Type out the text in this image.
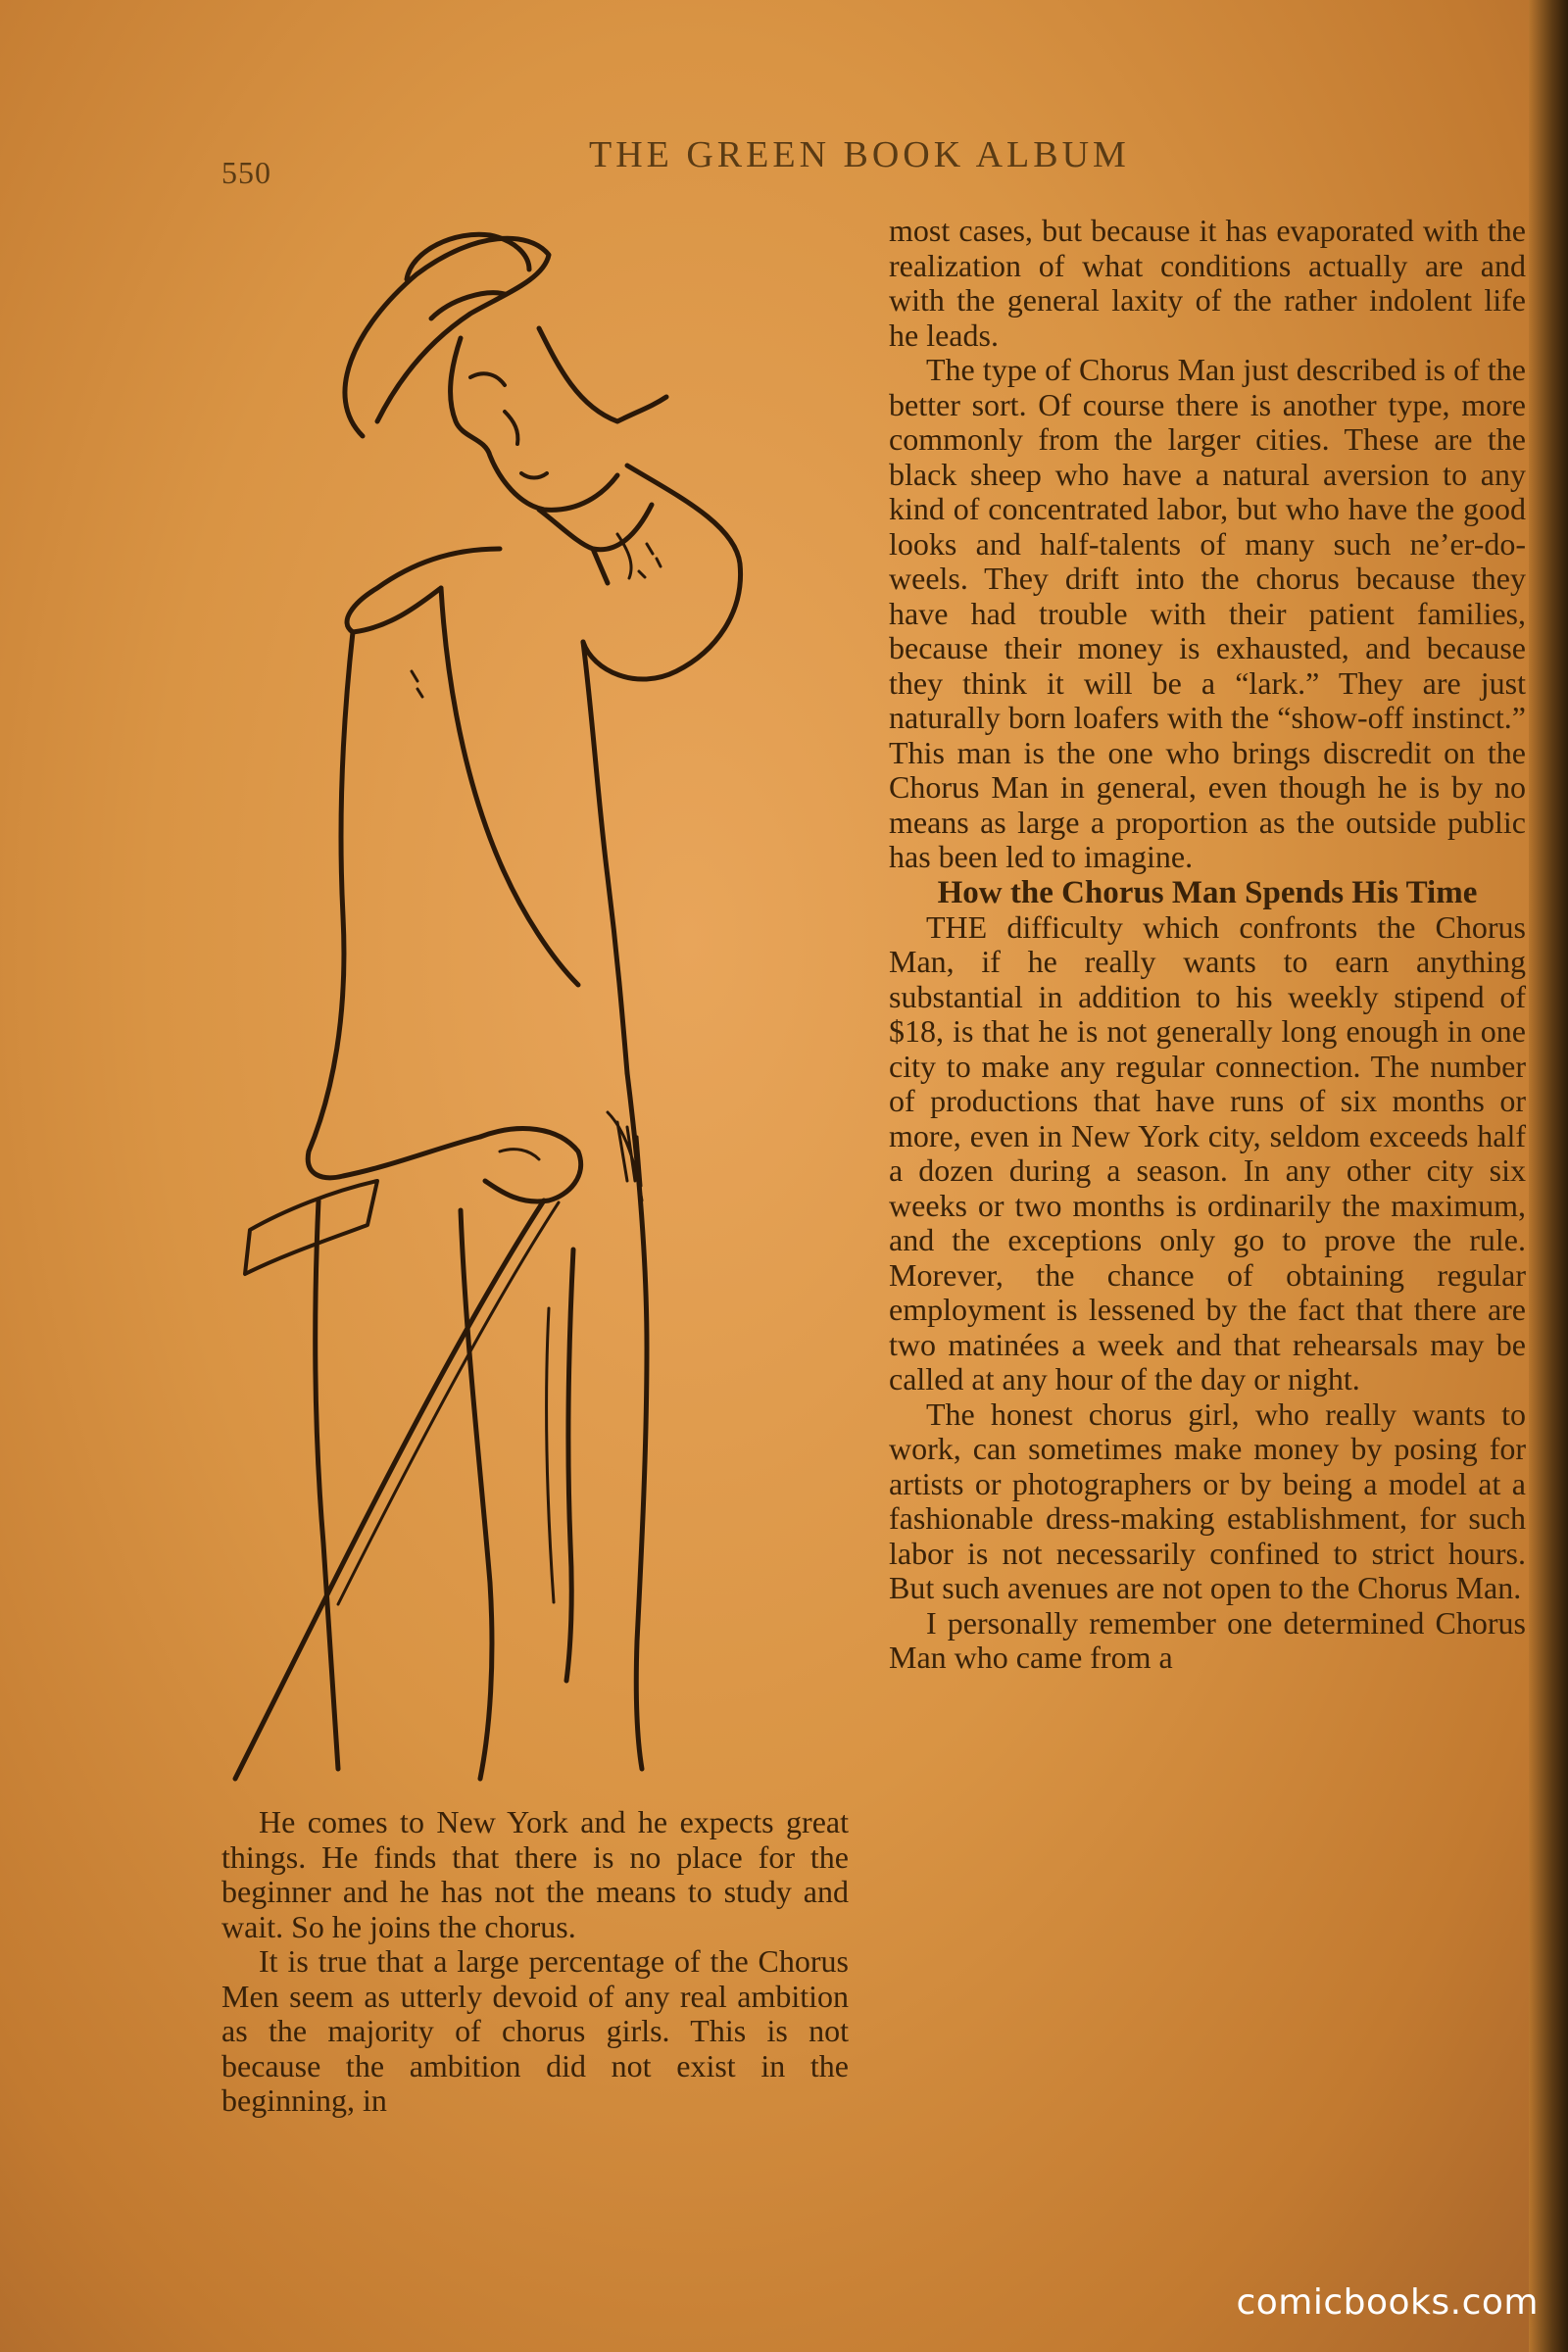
550	THE GREEN BOOK ALBUM

He comes to New York and he expects great things. He finds that there is no place for the beginner and he has not the means to study and wait. So he joins the chorus.

It is true that a large percentage of the Chorus Men seem as utterly devoid of any real ambition as the majority of chorus girls. This is not because the ambition did not exist in the beginning, in

most cases, but because it has evaporated with the realization of what conditions actually are and with the general laxity of the rather indolent life he leads.

The type of Chorus Man just described is of the better sort. Of course there is another type, more commonly from the larger cities. These are the black sheep who have a natural aversion to any kind of concentrated labor, but who have the good looks and half-talents of many such ne’er-do-weels. They drift into the chorus because they have had trouble with their patient families, because their money is exhausted, and because they think it will be a “lark.” They are just naturally born loafers with the “show-off instinct.” This man is the one who brings discredit on the Chorus Man in general, even though he is by no means as large a proportion as the outside public has been led to imagine.

How the Chorus Man Spends His Time

THE difficulty which confronts the Chorus Man, if he really wants to earn anything substantial in addition to his weekly stipend of $18, is that he is not generally long enough in one city to make any regular connection. The number of productions that have runs of six months or more, even in New York city, seldom exceeds half a dozen during a season. In any other city six weeks or two months is ordinarily the maximum, and the exceptions only go to prove the rule. Morever, the chance of obtaining regular employment is lessened by the fact that there are two matinées a week and that rehearsals may be called at any hour of the day or night.

The honest chorus girl, who really wants to work, can sometimes make money by posing for artists or photographers or by being a model at a fashionable dress-making establishment, for such labor is not necessarily confined to strict hours. But such avenues are not open to the Chorus Man.

I personally remember one determined Chorus Man who came from a

comicbooks.com
